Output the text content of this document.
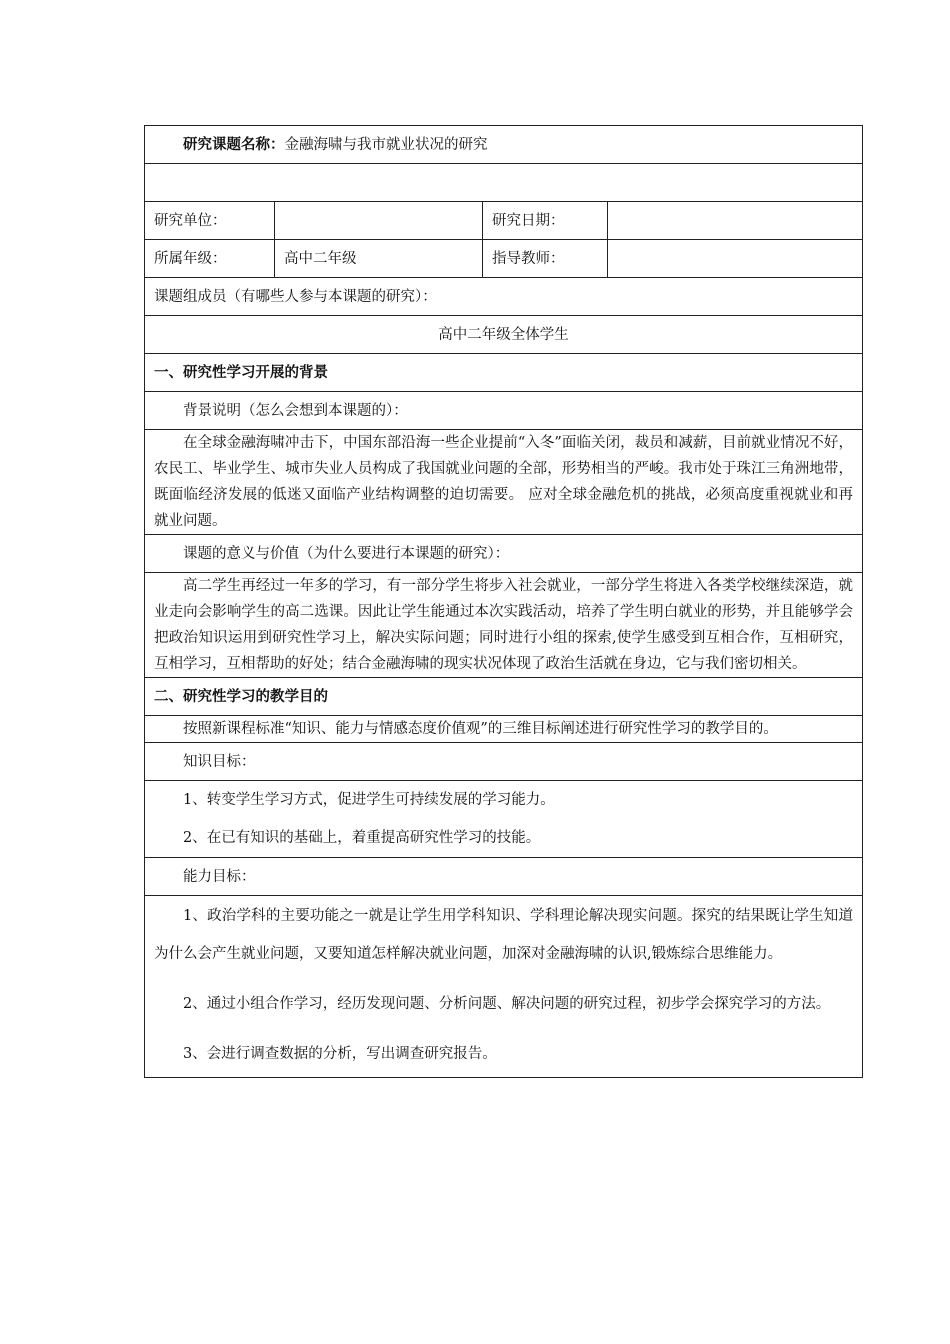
研究课题名称：金融海啸与我市就业状况的研究			

研究单位：		研究日期：	
所属年级：	高中二年级	指导教师：	
课题组成员（有哪些人参与本课题的研究）：			
高中二年级全体学生			
一、研究性学习开展的背景			
背景说明（怎么会想到本课题的）：			
在全球金融海啸冲击下，中国东部沿海一些企业提前“入冬”面临关闭，裁员和减薪，目前就业情况不好，农民工、毕业学生、城市失业人员构成了我国就业问题的全部，形势相当的严峻。我市处于珠江三角洲地带，既面临经济发展的低迷又面临产业结构调整的迫切需要。 应对全球金融危机的挑战，必须高度重视就业和再就业问题。			
课题的意义与价值（为什么要进行本课题的研究）：			
高二学生再经过一年多的学习，有一部分学生将步入社会就业，一部分学生将进入各类学校继续深造，就业走向会影响学生的高二选课。因此让学生能通过本次实践活动，培养了学生明白就业的形势，并且能够学会把政治知识运用到研究性学习上，解决实际问题；同时进行小组的探索,使学生感受到互相合作，互相研究，互相学习，互相帮助的好处；结合金融海啸的现实状况体现了政治生活就在身边，它与我们密切相关。			
二、研究性学习的教学目的			
按照新课程标准“知识、能力与情感态度价值观”的三维目标阐述进行研究性学习的教学目的。			
知识目标：			

1、转变学生学习方式，促进学生可持续发展的学习能力。

2、在已有知识的基础上，着重提高研究性学习的技能。			

能力目标：			

1、政治学科的主要功能之一就是让学生用学科知识、学科理论解决现实问题。探究的结果既让学生知道为什么会产生就业问题，又要知道怎样解决就业问题，加深对金融海啸的认识,锻炼综合思维能力。

2、通过小组合作学习，经历发现问题、分析问题、解决问题的研究过程，初步学会探究学习的方法。

3、会进行调查数据的分析，写出调查研究报告。			
